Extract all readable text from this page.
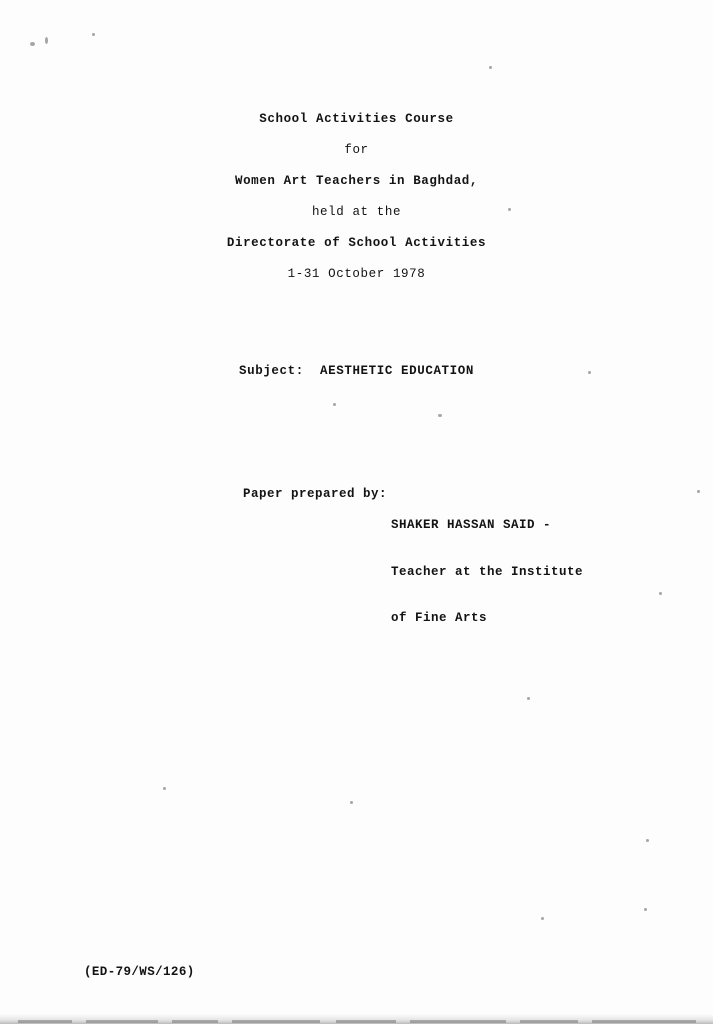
School Activities Course
for
Women Art Teachers in Baghdad,
held at the
Directorate of School Activities
1-31 October 1978
Subject:  AESTHETIC EDUCATION
Paper prepared by:

SHAKER HASSAN SAID -

Teacher at the Institute

of Fine Arts

(ED-79/WS/126)
